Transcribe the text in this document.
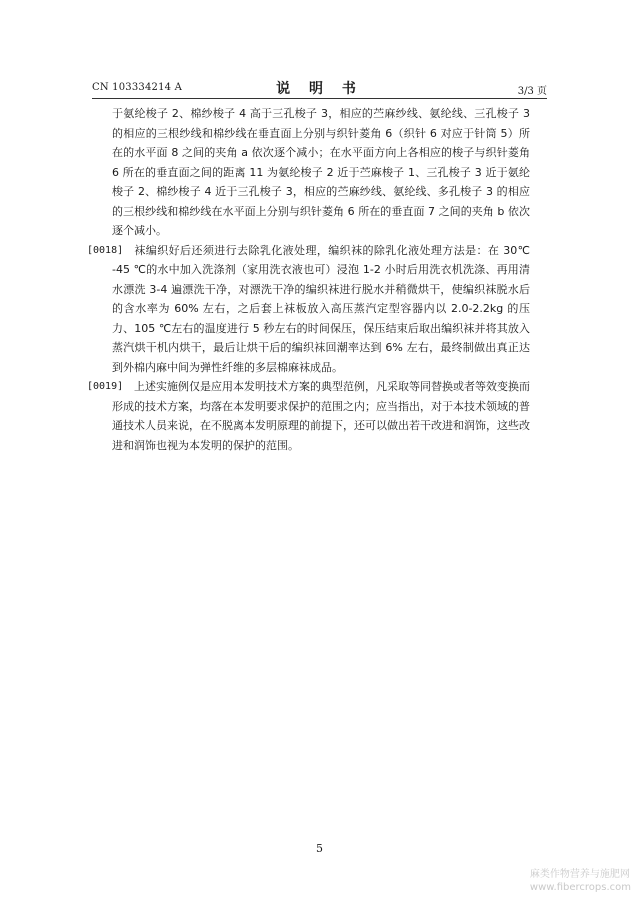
CN 103334214 A	说 明 书	3/3 页

于氨纶梭子 2、棉纱梭子 4 高于三孔梭子 3，相应的苎麻纱线、氨纶线、三孔梭子 3 的相应的三根纱线和棉纱线在垂直面上分别与织针菱角 6（织针 6 对应于针筒 5）所在的水平面 8 之间的夹角 a 依次逐个减小；在水平面方向上各相应的梭子与织针菱角 6 所在的垂直面之间的距离 11 为氨纶梭子 2 近于苎麻梭子 1、三孔梭子 3 近于氨纶梭子 2、棉纱梭子 4 近于三孔梭子 3，相应的苎麻纱线、氨纶线、多孔梭子 3 的相应的三根纱线和棉纱线在水平面上分别与织针菱角 6 所在的垂直面 7 之间的夹角 b 依次逐个减小。

[0018] 袜编织好后还须进行去除乳化液处理，编织袜的除乳化液处理方法是：在 30℃ -45 ℃的水中加入洗涤剂（家用洗衣液也可）浸泡 1-2 小时后用洗衣机洗涤、再用清水漂洗 3-4 遍漂洗干净，对漂洗干净的编织袜进行脱水并稍微烘干，使编织袜脱水后的含水率为 60% 左右，之后套上袜板放入高压蒸汽定型容器内以 2.0-2.2kg 的压力、105 ℃左右的温度进行 5 秒左右的时间保压，保压结束后取出编织袜并将其放入蒸汽烘干机内烘干，最后让烘干后的编织袜回潮率达到 6% 左右，最终制做出真正达到外棉内麻中间为弹性纤维的多层棉麻袜成品。

[0019] 上述实施例仅是应用本发明技术方案的典型范例，凡采取等同替换或者等效变换而形成的技术方案，均落在本发明要求保护的范围之内；应当指出，对于本技术领域的普通技术人员来说，在不脱离本发明原理的前提下，还可以做出若干改进和润饰，这些改进和润饰也视为本发明的保护的范围。

5
麻类作物营养与施肥网
www.fibercrops.com
